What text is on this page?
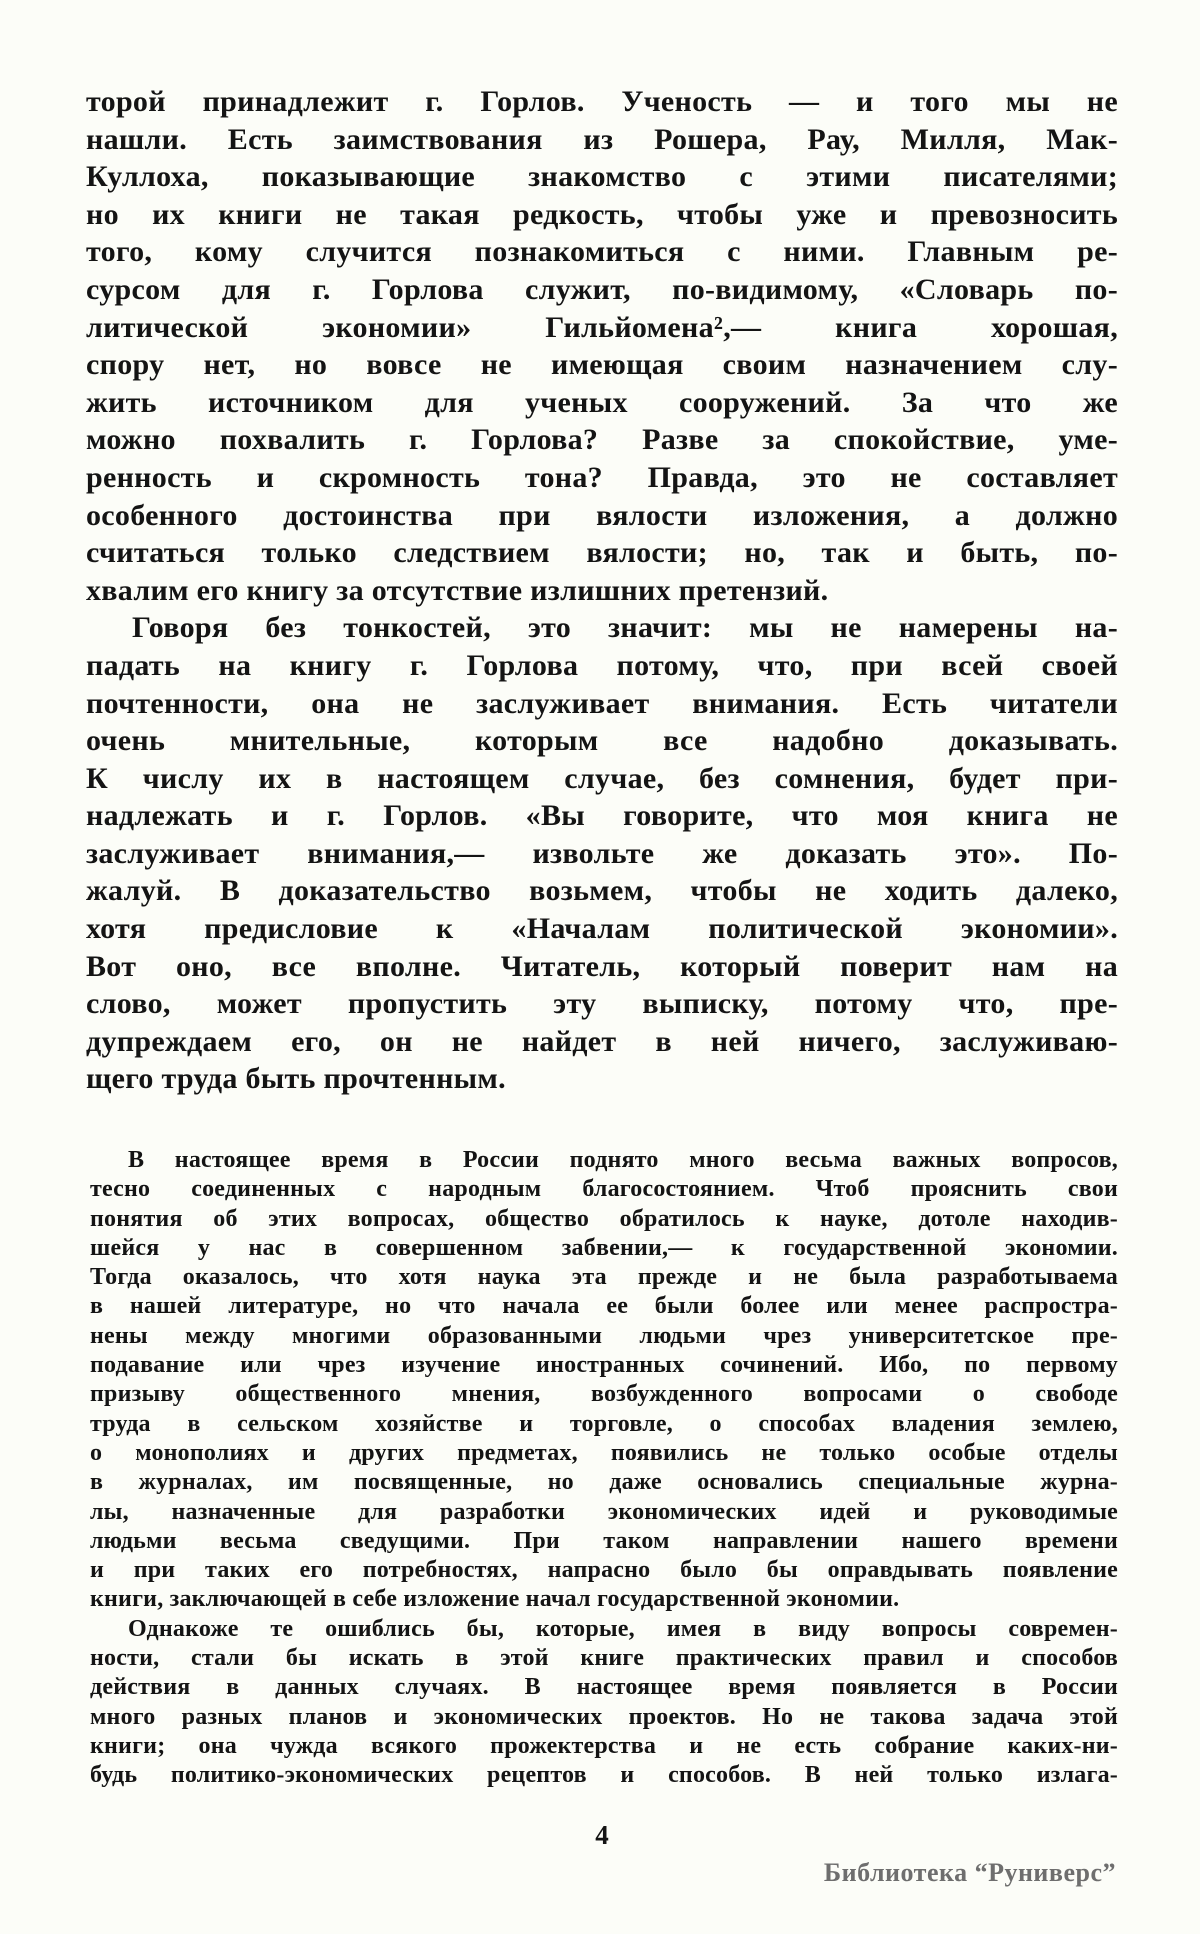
торой принадлежит г. Горлов. Ученость — и того мы не
нашли. Есть заимствования из Рошера, Рау, Милля, Мак-
Куллоха, показывающие знакомство с этими писателями;
но их книги не такая редкость, чтобы уже и превозносить
того, кому случится познакомиться с ними. Главным ре-
сурсом для г. Горлова служит, по-видимому, «Словарь по-
литической экономии» Гильйомена²,— книга хорошая,
спору нет, но вовсе не имеющая своим назначением слу-
жить источником для ученых сооружений. За что же
можно похвалить г. Горлова? Разве за спокойствие, уме-
ренность и скромность тона? Правда, это не составляет
особенного достоинства при вялости изложения, а должно
считаться только следствием вялости; но, так и быть, по-
хвалим его книгу за отсутствие излишних претензий.
Говоря без тонкостей, это значит: мы не намерены на-
падать на книгу г. Горлова потому, что, при всей своей
почтенности, она не заслуживает внимания. Есть читатели
очень мнительные, которым все надобно доказывать.
К числу их в настоящем случае, без сомнения, будет при-
надлежать и г. Горлов. «Вы говорите, что моя книга не
заслуживает внимания,— извольте же доказать это». По-
жалуй. В доказательство возьмем, чтобы не ходить далеко,
хотя предисловие к «Началам политической экономии».
Вот оно, все вполне. Читатель, который поверит нам на
слово, может пропустить эту выписку, потому что, пре-
дупреждаем его, он не найдет в ней ничего, заслуживаю-
щего труда быть прочтенным.
В настоящее время в России поднято много весьма важных вопросов,
тесно соединенных с народным благосостоянием. Чтоб прояснить свои
понятия об этих вопросах, общество обратилось к науке, дотоле находив-
шейся у нас в совершенном забвении,— к государственной экономии.
Тогда оказалось, что хотя наука эта прежде и не была разработываема
в нашей литературе, но что начала ее были более или менее распростра-
нены между многими образованными людьми чрез университетское пре-
подавание или чрез изучение иностранных сочинений. Ибо, по первому
призыву общественного мнения, возбужденного вопросами о свободе
труда в сельском хозяйстве и торговле, о способах владения землею,
о монополиях и других предметах, появились не только особые отделы
в журналах, им посвященные, но даже основались специальные журна-
лы, назначенные для разработки экономических идей и руководимые
людьми весьма сведущими. При таком направлении нашего времени
и при таких его потребностях, напрасно было бы оправдывать появление
книги, заключающей в себе изложение начал государственной экономии.
Однакоже те ошиблись бы, которые, имея в виду вопросы современ-
ности, стали бы искать в этой книге практических правил и способов
действия в данных случаях. В настоящее время появляется в России
много разных планов и экономических проектов. Но не такова задача этой
книги; она чужда всякого прожектерства и не есть собрание каких-ни-
будь политико-экономических рецептов и способов. В ней только излага-
4
Библиотека “Руниверс”
